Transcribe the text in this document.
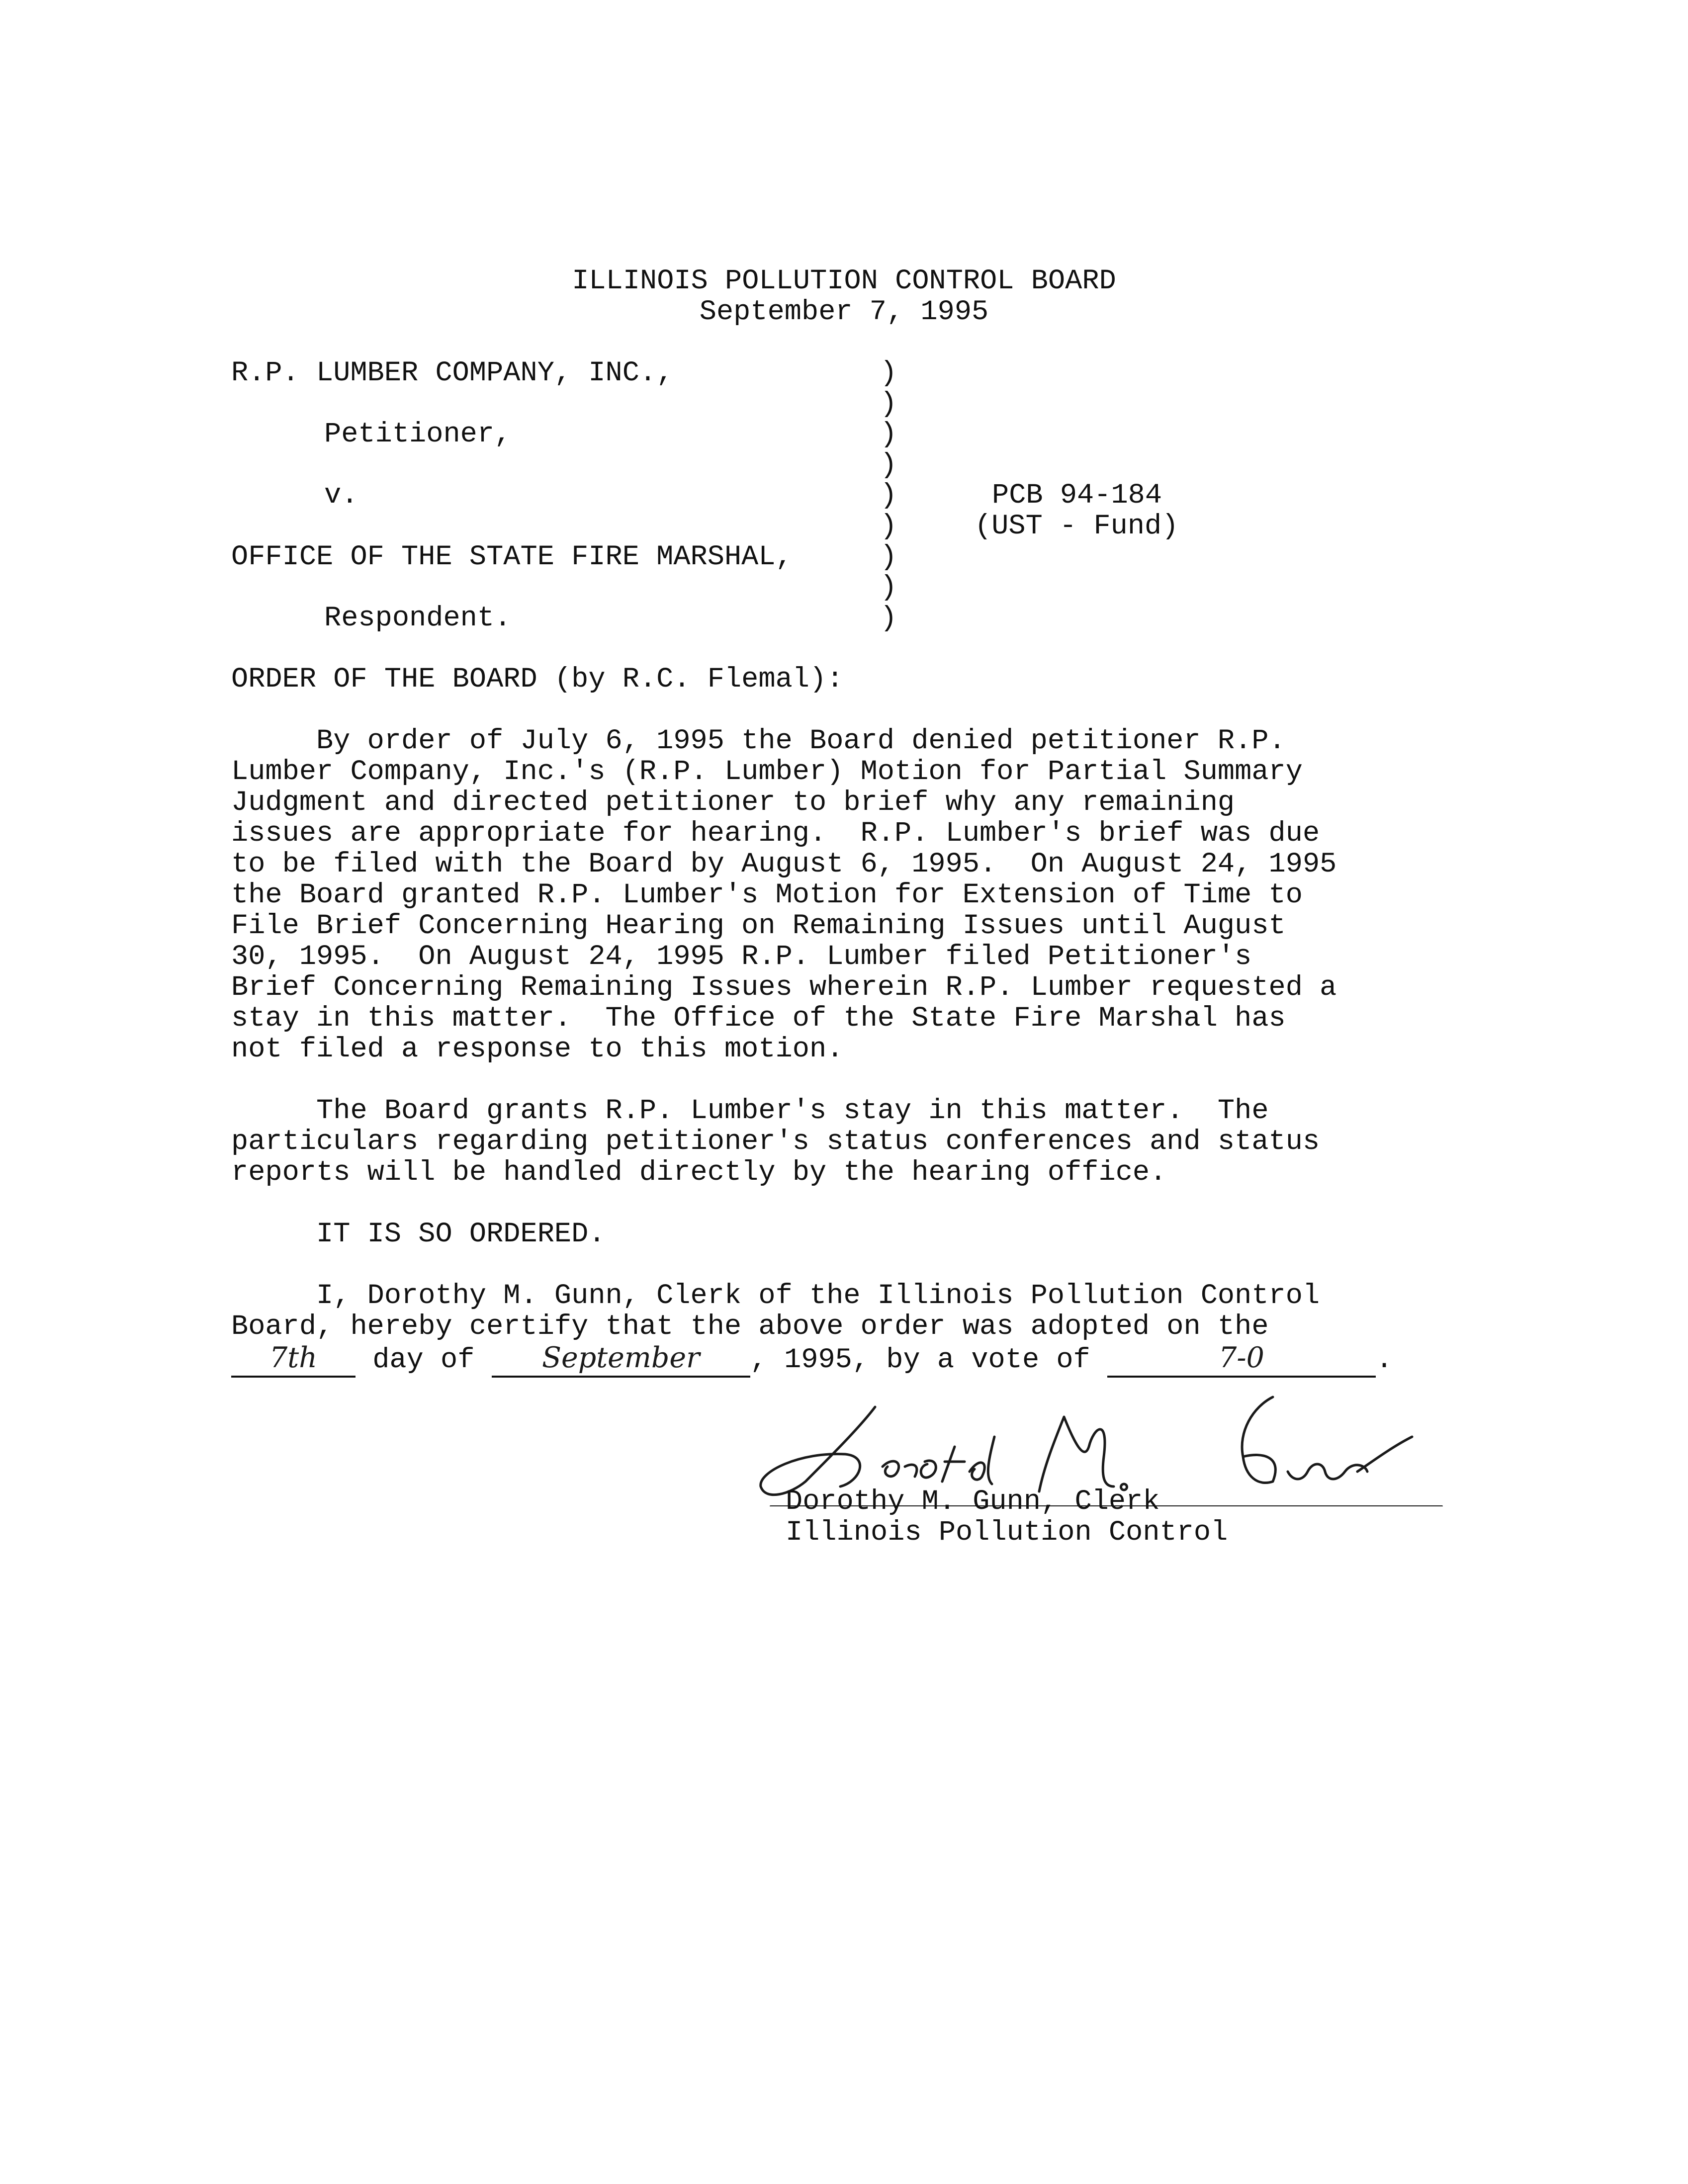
ILLINOIS POLLUTION CONTROL BOARD
September 7, 1995
R.P. LUMBER COMPANY, INC.,
Petitioner,
v.
OFFICE OF THE STATE FIRE MARSHAL,
Respondent.
)
)
)
)
)
)
)
)
)
PCB 94-184
(UST - Fund)
ORDER OF THE BOARD (by R.C. Flemal):
By order of July 6, 1995 the Board denied petitioner R.P.
Lumber Company, Inc.'s (R.P. Lumber) Motion for Partial Summary
Judgment and directed petitioner to brief why any remaining
issues are appropriate for hearing.  R.P. Lumber's brief was due
to be filed with the Board by August 6, 1995.  On August 24, 1995
the Board granted R.P. Lumber's Motion for Extension of Time to
File Brief Concerning Hearing on Remaining Issues until August
30, 1995.  On August 24, 1995 R.P. Lumber filed Petitioner's
Brief Concerning Remaining Issues wherein R.P. Lumber requested a
stay in this matter.  The Office of the State Fire Marshal has
not filed a response to this motion.
The Board grants R.P. Lumber's stay in this matter.  The
particulars regarding petitioner's status conferences and status
reports will be handled directly by the hearing office.
IT IS SO ORDERED.
I, Dorothy M. Gunn, Clerk of the Illinois Pollution Control
Board, hereby certify that the above order was adopted on the
7th day of September , 1995, by a vote of	7-0	.
Dorothy M. Gunn, Clerk
Illinois Pollution Control
